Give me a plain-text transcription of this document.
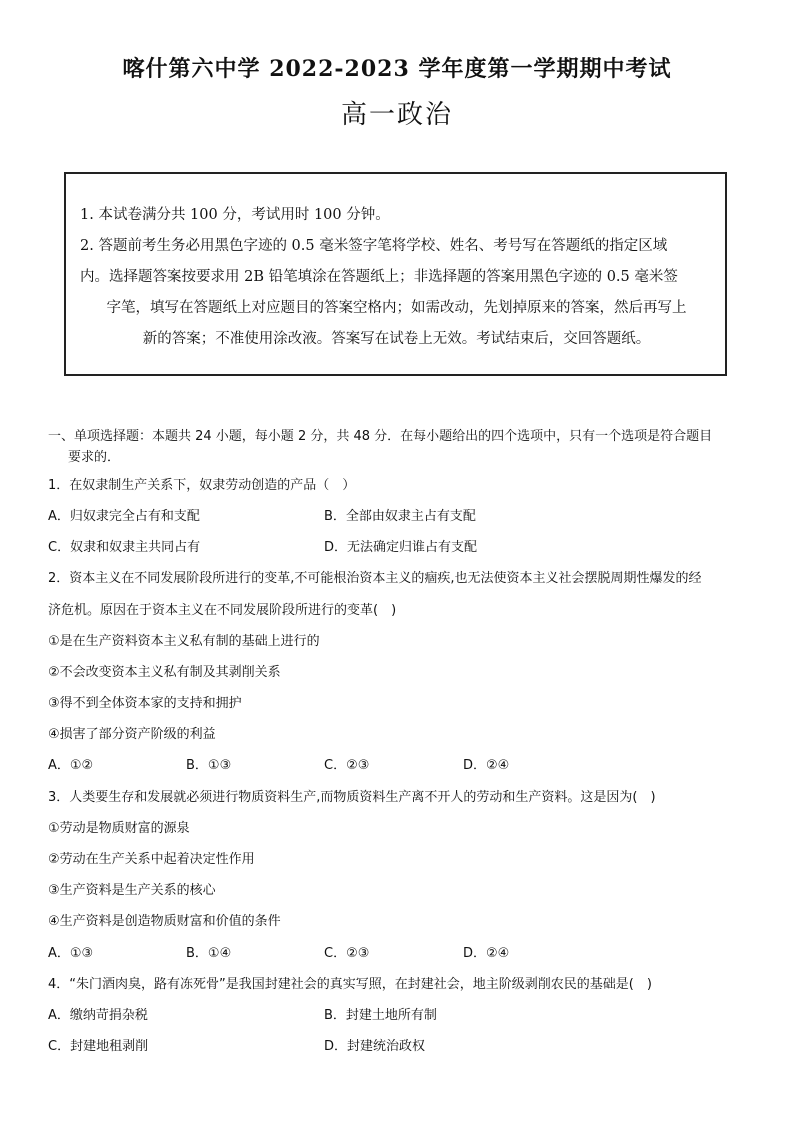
喀什第六中学 2022-2023 学年度第一学期期中考试
高一政治

1. 本试卷满分共 100 分，考试用时 100 分钟。

2. 答题前考生务必用黑色字迹的 0.5 毫米签字笔将学校、姓名、考号写在答题纸的指定区域

内。选择题答案按要求用 2B 铅笔填涂在答题纸上；非选择题的答案用黑色字迹的 0.5 毫米签

字笔，填写在答题纸上对应题目的答案空格内；如需改动，先划掉原来的答案，然后再写上

新的答案；不准使用涂改液。答案写在试卷上无效。考试结束后，交回答题纸。

一、单项选择题：本题共 24 小题，每小题 2 分，共 48 分．在每小题给出的四个选项中，只有一个选项是符合题目
要求的．
1．在奴隶制生产关系下，奴隶劳动创造的产品（　）
A．归奴隶完全占有和支配	B．全部由奴隶主占有支配
C．奴隶和奴隶主共同占有	D．无法确定归谁占有支配
2．资本主义在不同发展阶段所进行的变革,不可能根治资本主义的痼疾,也无法使资本主义社会摆脱周期性爆发的经
济危机。原因在于资本主义在不同发展阶段所进行的变革(　)
①是在生产资料资本主义私有制的基础上进行的
②不会改变资本主义私有制及其剥削关系
③得不到全体资本家的支持和拥护
④损害了部分资产阶级的利益
A．①②	B．①③	C．②③	D．②④
3．人类要生存和发展就必须进行物质资料生产,而物质资料生产离不开人的劳动和生产资料。这是因为(　)
①劳动是物质财富的源泉
②劳动在生产关系中起着决定性作用
③生产资料是生产关系的核心
④生产资料是创造物质财富和价值的条件
A．①③	B．①④	C．②③	D．②④
4．“朱门酒肉臭，路有冻死骨”是我国封建社会的真实写照，在封建社会，地主阶级剥削农民的基础是(　)
A．缴纳苛捐杂税	B．封建土地所有制
C．封建地租剥削	D．封建统治政权
